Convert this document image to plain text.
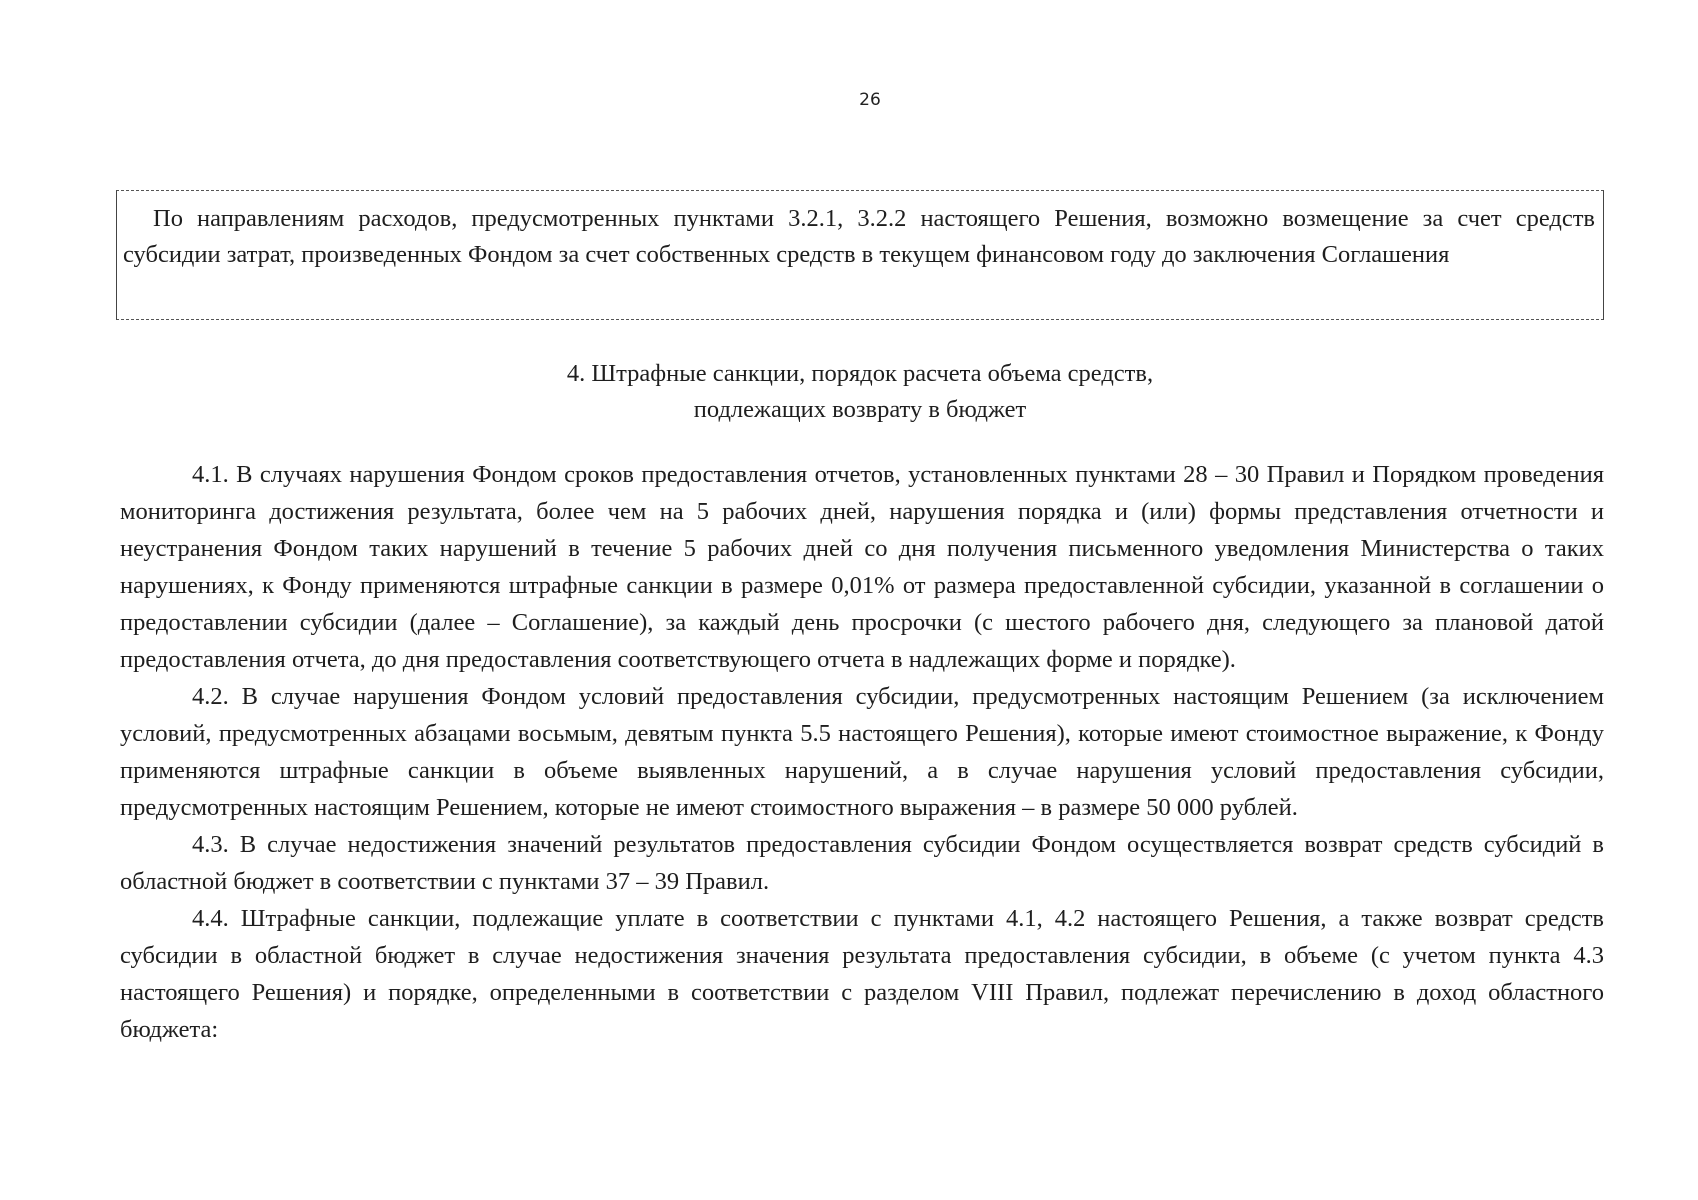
26
По направлениям расходов, предусмотренных пунктами 3.2.1, 3.2.2 настоящего Решения, возможно возмещение за счет средств субсидии затрат, произведенных Фондом за счет собственных средств в текущем финансовом году до заключения Соглашения
4. Штрафные санкции, порядок расчета объема средств,
подлежащих возврату в бюджет

4.1. В случаях нарушения Фондом сроков предоставления отчетов, установленных пунктами 28 – 30 Правил и Порядком проведения мониторинга достижения результата, более чем на 5 рабочих дней, нарушения порядка и (или) формы представления отчетности и неустранения Фондом таких нарушений в течение 5 рабочих дней со дня получения письменного уведомления Министерства о таких нарушениях, к Фонду применяются штрафные санкции в размере 0,01% от размера предоставленной субсидии, указанной в соглашении о предоставлении субсидии (далее – Соглашение), за каждый день просрочки (с шестого рабочего дня, следующего за плановой датой предоставления отчета, до дня предоставления соответствующего отчета в надлежащих форме и порядке).

4.2. В случае нарушения Фондом условий предоставления субсидии, предусмотренных настоящим Решением (за исключением условий, предусмотренных абзацами восьмым, девятым пункта 5.5 настоящего Решения), которые имеют стоимостное выражение, к Фонду применяются штрафные санкции в объеме выявленных нарушений, а в случае нарушения условий предоставления субсидии, предусмотренных настоящим Решением, которые не имеют стоимостного выражения – в размере 50 000 рублей.

4.3. В случае недостижения значений результатов предоставления субсидии Фондом осуществляется возврат средств субсидий в областной бюджет в соответствии с пунктами 37 – 39 Правил.

4.4. Штрафные санкции, подлежащие уплате в соответствии с пунктами 4.1, 4.2 настоящего Решения, а также возврат средств субсидии в областной бюджет в случае недостижения значения результата предоставления субсидии, в объеме (с учетом пункта 4.3 настоящего Решения) и порядке, определенными в соответствии с разделом VIII Правил, подлежат перечислению в доход областного бюджета:
